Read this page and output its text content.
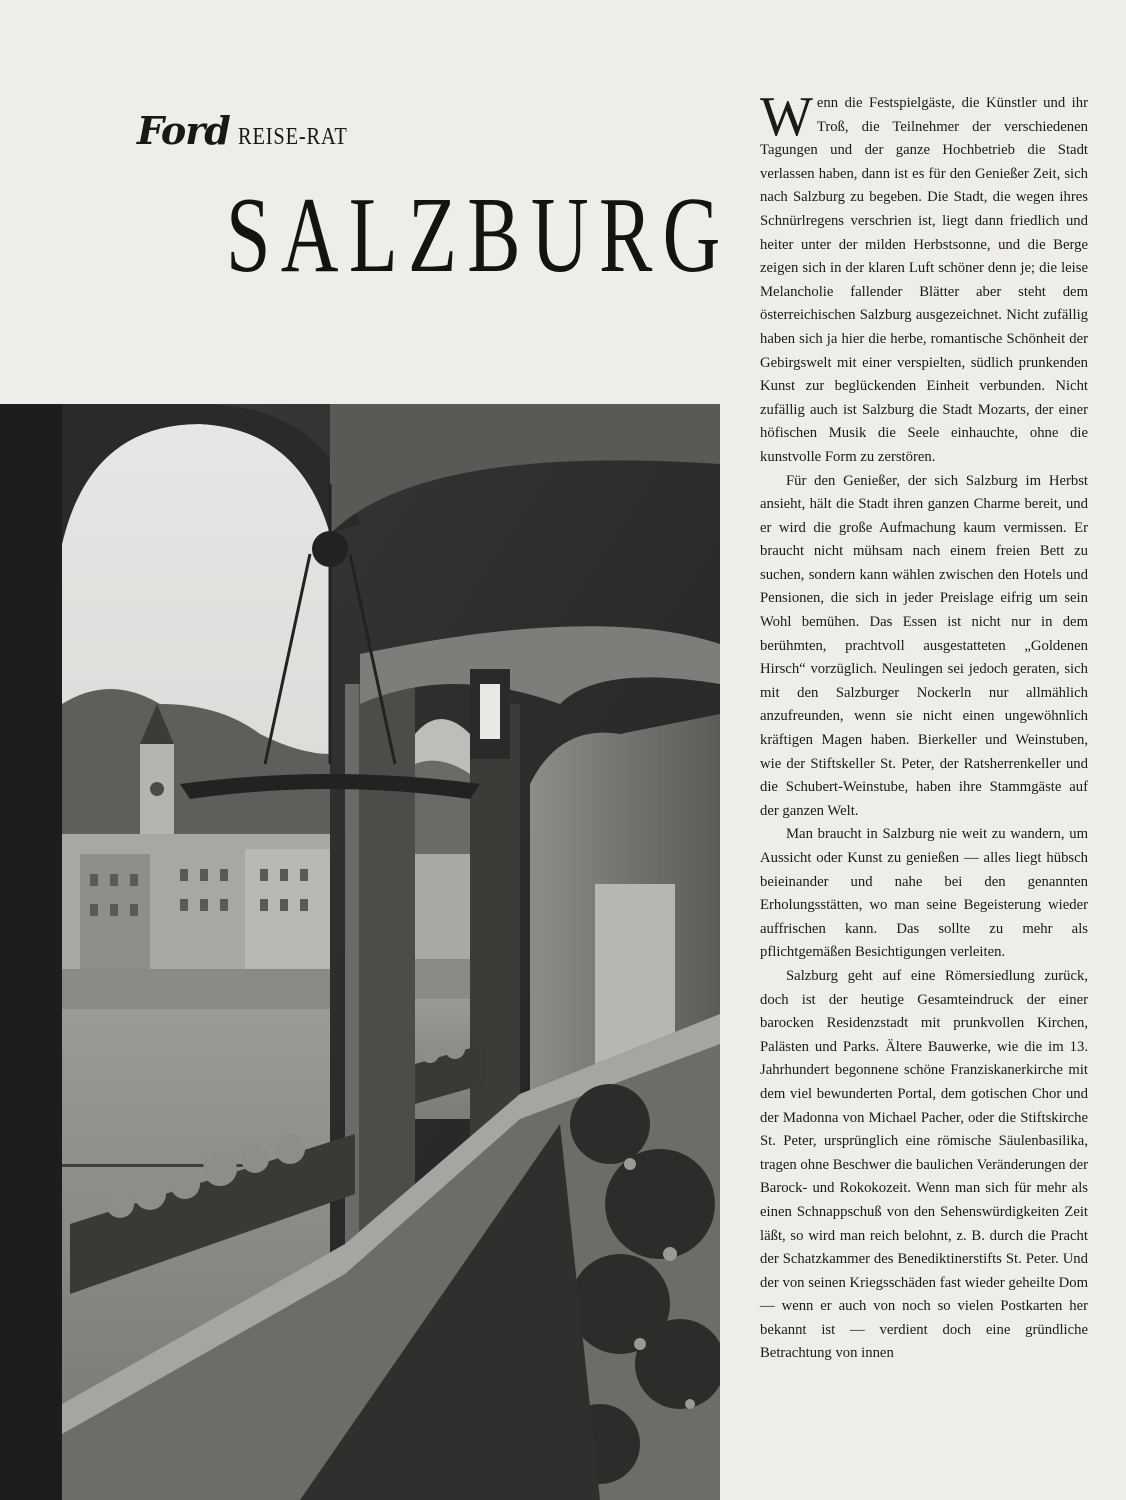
Ford REISE-RAT
SALZBURG

Wenn die Festspielgäste, die Künstler und ihr Troß, die Teilnehmer der verschiedenen Tagungen und der ganze Hochbetrieb die Stadt verlassen haben, dann ist es für den Genießer Zeit, sich nach Salzburg zu begeben. Die Stadt, die wegen ihres Schnürlregens verschrien ist, liegt dann friedlich und heiter unter der milden Herbstsonne, und die Berge zeigen sich in der klaren Luft schöner denn je; die leise Melancholie fallender Blätter aber steht dem österreichischen Salzburg ausgezeichnet. Nicht zufällig haben sich ja hier die herbe, romantische Schönheit der Gebirgswelt mit einer verspielten, südlich prunkenden Kunst zur beglückenden Einheit verbunden. Nicht zufällig auch ist Salzburg die Stadt Mozarts, der einer höfischen Musik die Seele einhauchte, ohne die kunstvolle Form zu zerstören.

Für den Genießer, der sich Salzburg im Herbst ansieht, hält die Stadt ihren ganzen Charme bereit, und er wird die große Aufmachung kaum vermissen. Er braucht nicht mühsam nach einem freien Bett zu suchen, sondern kann wählen zwischen den Hotels und Pensionen, die sich in jeder Preislage eifrig um sein Wohl bemühen. Das Essen ist nicht nur in dem berühmten, prachtvoll ausgestatteten „Goldenen Hirsch“ vorzüglich. Neulingen sei jedoch geraten, sich mit den Salzburger Nockerln nur allmählich anzufreunden, wenn sie nicht einen ungewöhnlich kräftigen Magen haben. Bierkeller und Weinstuben, wie der Stiftskeller St. Peter, der Ratsherrenkeller und die Schubert-Weinstube, haben ihre Stammgäste auf der ganzen Welt.

Man braucht in Salzburg nie weit zu wandern, um Aussicht oder Kunst zu genießen — alles liegt hübsch beieinander und nahe bei den genannten Erholungsstätten, wo man seine Begeisterung wieder auffrischen kann. Das sollte zu mehr als pflichtgemäßen Besichtigungen verleiten.

Salzburg geht auf eine Römersiedlung zurück, doch ist der heutige Gesamteindruck der einer barocken Residenzstadt mit prunkvollen Kirchen, Palästen und Parks. Ältere Bauwerke, wie die im 13. Jahrhundert begonnene schöne Franziskanerkirche mit dem viel bewunderten Portal, dem gotischen Chor und der Madonna von Michael Pacher, oder die Stiftskirche St. Peter, ursprünglich eine römische Säulenbasilika, tragen ohne Beschwer die baulichen Veränderungen der Barock- und Rokokozeit. Wenn man sich für mehr als einen Schnappschuß von den Sehenswürdigkeiten Zeit läßt, so wird man reich belohnt, z. B. durch die Pracht der Schatzkammer des Benediktinerstifts St. Peter. Und der von seinen Kriegsschäden fast wieder geheilte Dom — wenn er auch von noch so vielen Postkarten her bekannt ist — verdient doch eine gründliche Betrachtung von innen
